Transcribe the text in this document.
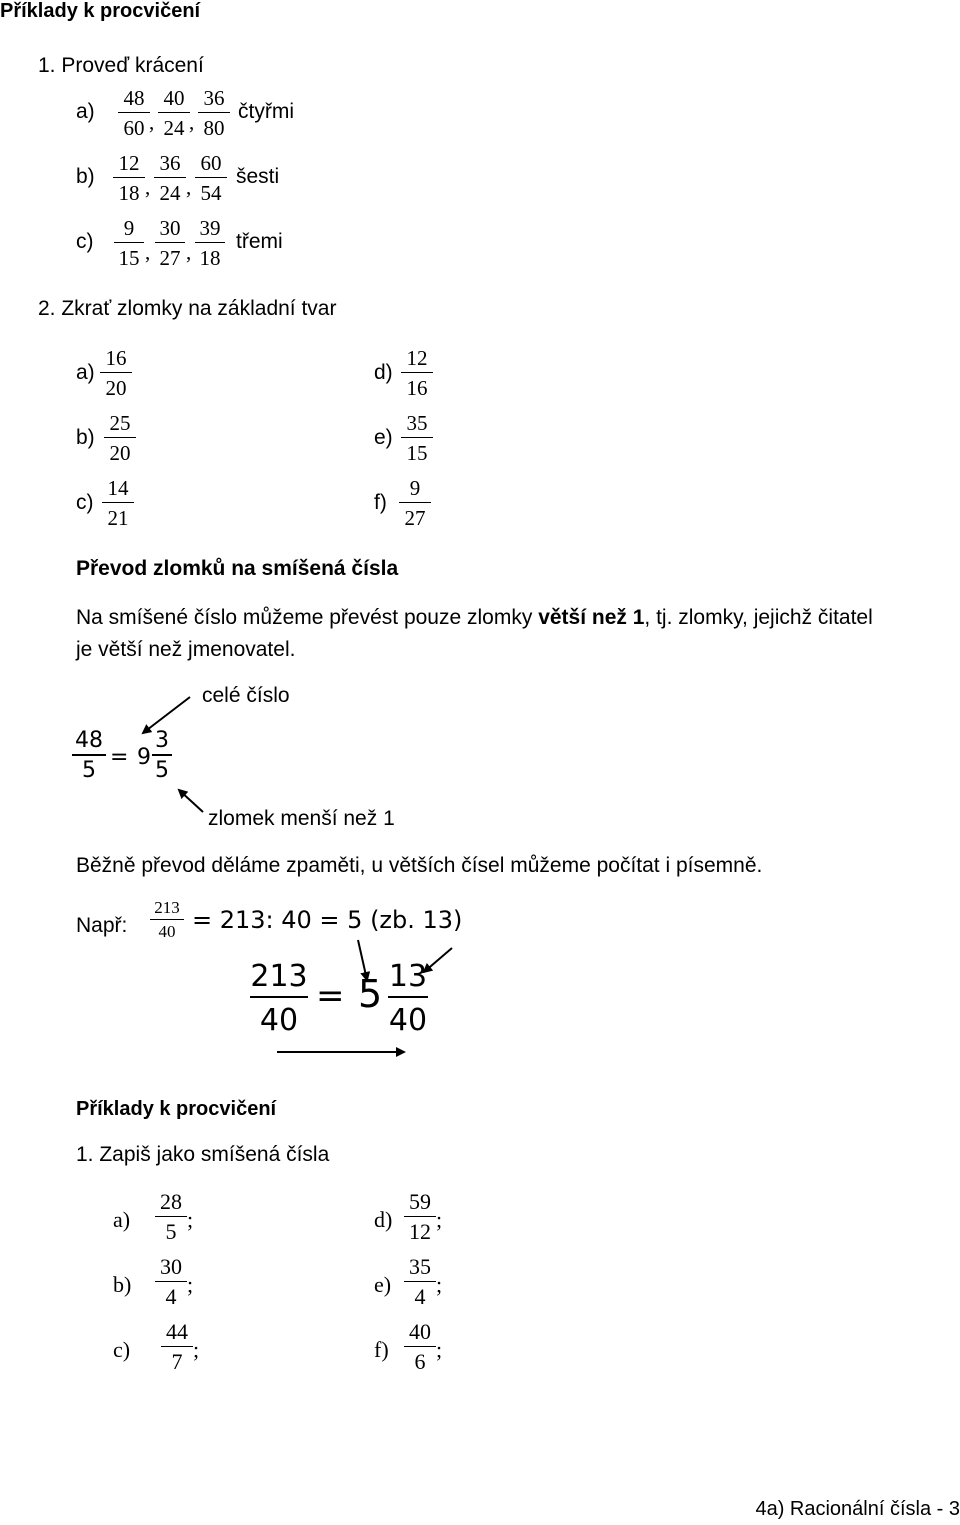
Příklady k procvičení
1. Proveď krácení
a)
48
60 ,
40
24 ,
36
80
čtyřmi
b)
12
18 ,
36
24 ,
60
54
šesti
c)
9
15 ,
30
27 ,
39
18
třemi
2. Zkrať zlomky na základní tvar
a)
16
20
b)
25
20
c)
14
21
d)
12
16
e)
35
15
f)
9
27
Převod zlomků na smíšená čísla
Na smíšené číslo můžeme převést pouze zlomky větší než 1, tj. zlomky, jejichž čitatel
je větší než jmenovatel.
celé číslo
48
5
= 9
3
5
zlomek menší než 1
Běžně převod děláme zpaměti, u větších čísel můžeme počítat i písemně.
Např:
213
40 = 213: 40 = 5 (zb. 13)
213
40
= 5 13
40
Příklady k procvičení
1. Zapiš jako smíšená čísla
a)
28
5 ;
b)
30
4 ;
c)
44
7 ;
d)
59
12 ;
e)
35
4 ;
f)
40
6 ;
4a) Racionální čísla - 3
